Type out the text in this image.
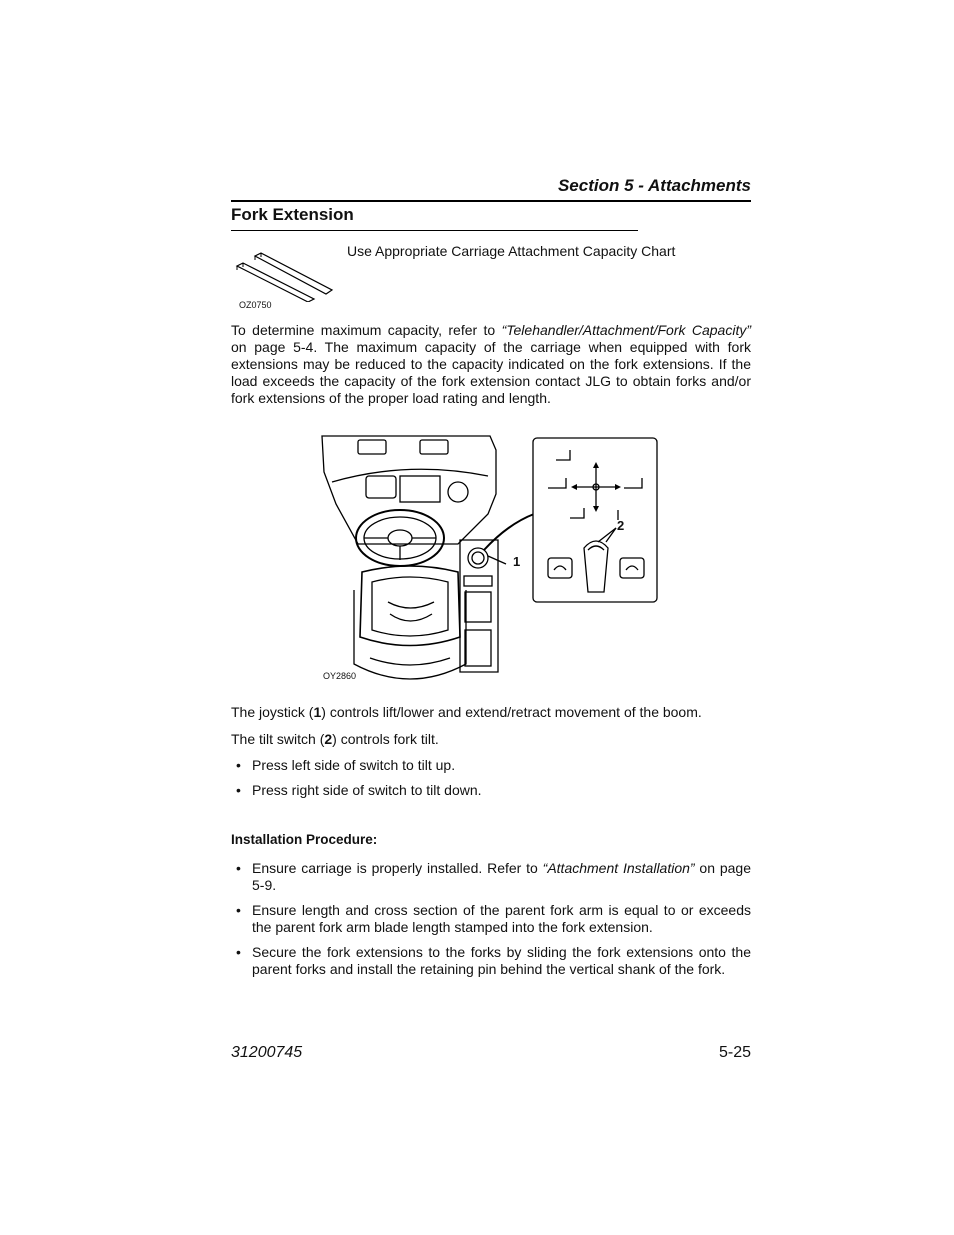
Section 5 - Attachments
Fork Extension
OZ0750
Use Appropriate Carriage Attachment Capacity Chart
To determine maximum capacity, refer to “Telehandler/Attachment/Fork Capacity” on page 5-4. The maximum capacity of the carriage when equipped with fork extensions may be reduced to the capacity indicated on the fork extensions. If the load exceeds the capacity of the fork extension contact JLG to obtain forks and/or fork extensions of the proper load rating and length.
OY2860
1
2
The joystick (1) controls lift/lower and extend/retract movement of the boom.
The tilt switch (2) controls fork tilt.
• Press left side of switch to tilt up.
• Press right side of switch to tilt down.
Installation Procedure:
• Ensure carriage is properly installed. Refer to “Attachment Installation” on page 5-9.
• Ensure length and cross section of the parent fork arm is equal to or exceeds the parent fork arm blade length stamped into the fork extension.
• Secure the fork extensions to the forks by sliding the fork extensions onto the parent forks and install the retaining pin behind the vertical shank of the fork.
31200745	5-25
